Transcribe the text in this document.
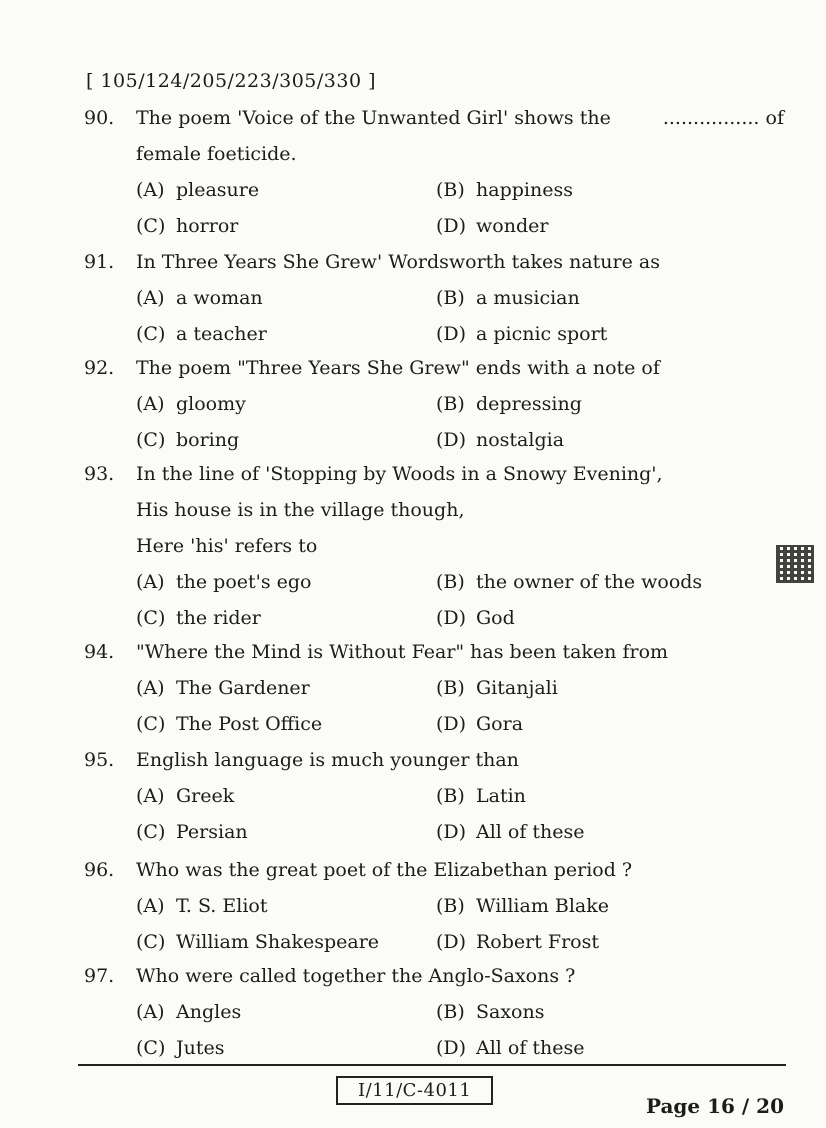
[ 105/124/205/223/305/330 ]
90.	The poem 'Voice of the Unwanted Girl' shows the	................ of
female foeticide.
(A) pleasure	(B) happiness
(C) horror	(D) wonder
91.	In Three Years She Grew' Wordsworth takes nature as
(A) a woman	(B) a musician
(C) a teacher	(D) a picnic sport
92.	The poem "Three Years She Grew" ends with a note of
(A) gloomy	(B) depressing
(C) boring	(D) nostalgia
93.	In the line of 'Stopping by Woods in a Snowy Evening',
His house is in the village though,
Here 'his' refers to
(A) the poet's ego	(B) the owner of the woods
(C) the rider	(D) God
94.	"Where the Mind is Without Fear" has been taken from
(A) The Gardener	(B) Gitanjali
(C) The Post Office	(D) Gora
95.	English language is much younger than
(A) Greek	(B) Latin
(C) Persian	(D) All of these
96.	Who was the great poet of the Elizabethan period ?
(A) T. S. Eliot	(B) William Blake
(C) William Shakespeare	(D) Robert Frost
97.	Who were called together the Anglo-Saxons ?
(A) Angles	(B) Saxons
(C) Jutes	(D) All of these
I/11/C-4011
Page 16 / 20
